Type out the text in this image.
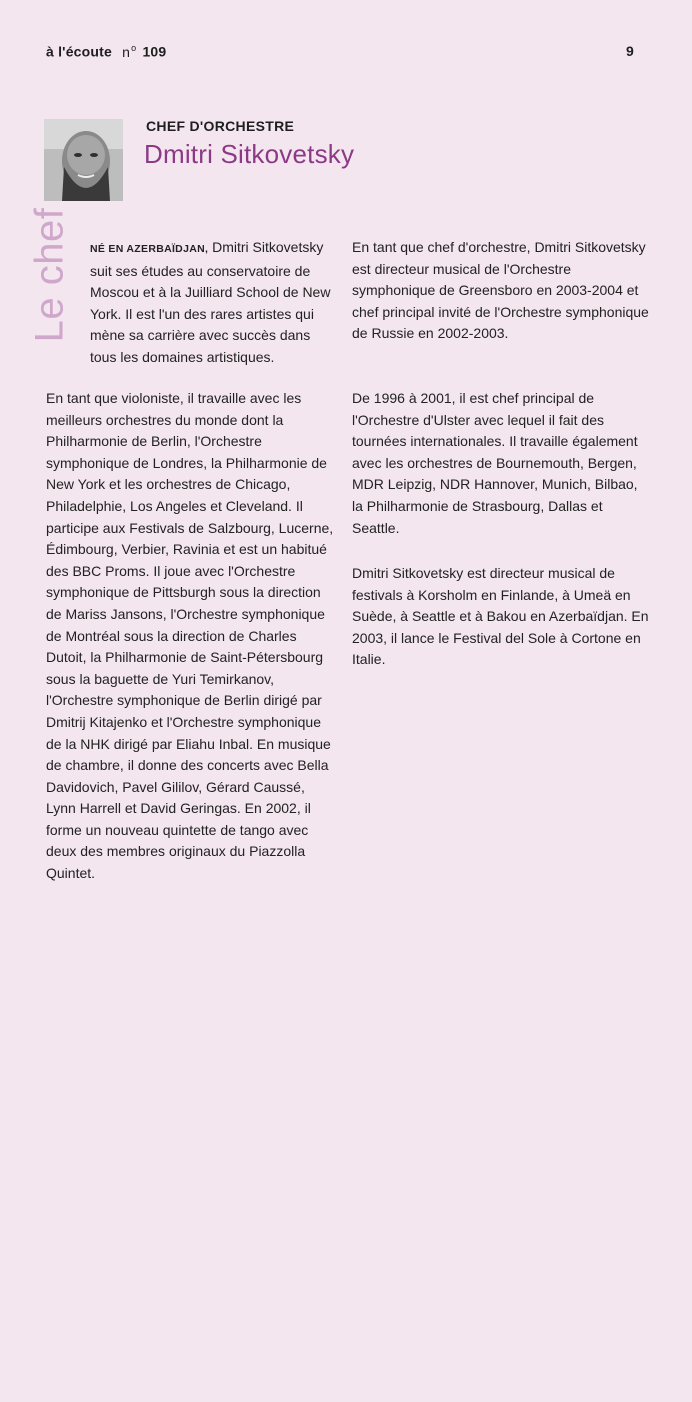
à l'écoute $n^o$ 109	9
CHEF D'ORCHESTRE
Dmitri Sitkovetsky
Le chef NÉ EN AZERBAÏDJAN, Dmitri Sitkovetsky suit ses études au conservatoire de Moscou et à la Juilliard School de New York. Il est l'un des rares artistes qui mène sa carrière avec succès dans tous les domaines artistiques.

En tant que violoniste, il travaille avec les meilleurs orchestres du monde dont la Philharmonie de Berlin, l'Orchestre symphonique de Londres, la Philharmonie de New York et les orchestres de Chicago, Philadelphie, Los Angeles et Cleveland. Il participe aux Festivals de Salzbourg, Lucerne, Édimbourg, Verbier, Ravinia et est un habitué des BBC Proms. Il joue avec l'Orchestre symphonique de Pittsburgh sous la direction de Mariss Jansons, l'Orchestre symphonique de Montréal sous la direction de Charles Dutoit, la Philharmonie de Saint-Pétersbourg sous la baguette de Yuri Temirkanov, l'Orchestre symphonique de Berlin dirigé par Dmitrij Kitajenko et l'Orchestre symphonique de la NHK dirigé par Eliahu Inbal. En musique de chambre, il donne des concerts avec Bella Davidovich, Pavel Gililov, Gérard Caussé, Lynn Harrell et David Geringas. En 2002, il forme un nouveau quintette de tango avec deux des membres originaux du Piazzolla Quintet.

En tant que chef d'orchestre, Dmitri Sitkovetsky est directeur musical de l'Orchestre symphonique de Greensboro en 2003-2004 et chef principal invité de l'Orchestre symphonique de Russie en 2002-2003.

De 1996 à 2001, il est chef principal de l'Orchestre d'Ulster avec lequel il fait des tournées internationales. Il travaille également avec les orchestres de Bournemouth, Bergen, MDR Leipzig, NDR Hannover, Munich, Bilbao, la Philharmonie de Strasbourg, Dallas et Seattle.

Dmitri Sitkovetsky est directeur musical de festivals à Korsholm en Finlande, à Umeä en Suède, à Seattle et à Bakou en Azerbaïdjan. En 2003, il lance le Festival del Sole à Cortone en Italie.
